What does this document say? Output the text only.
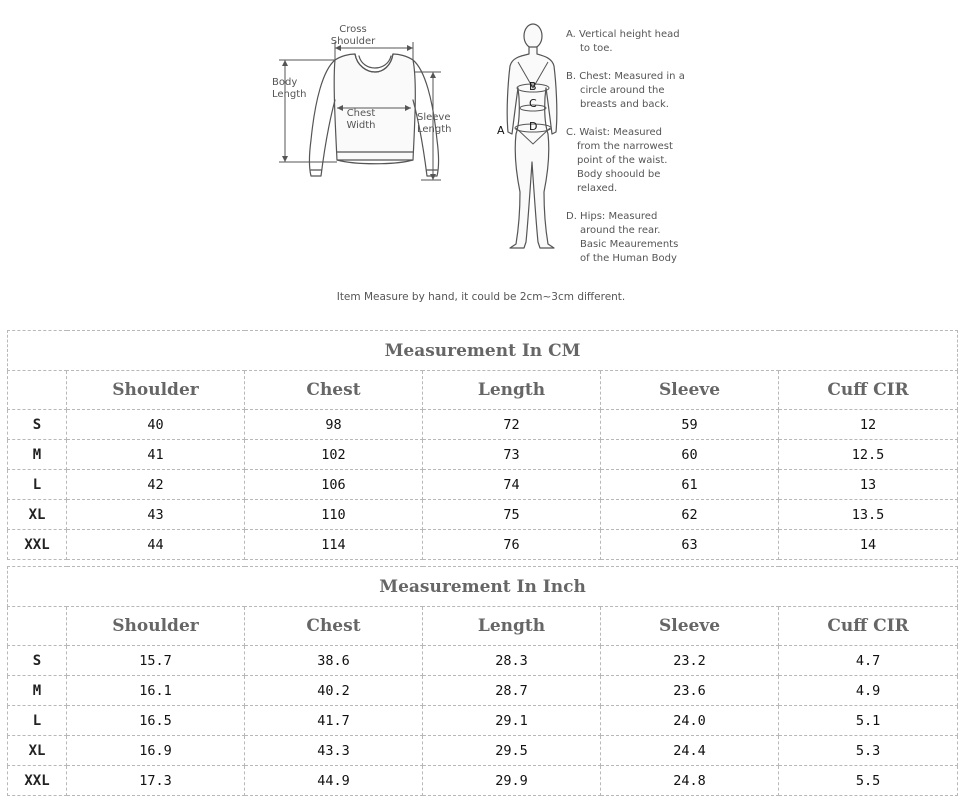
Cross
Shoulder
Body
Length
Chest
Width
Sleeve
Length	A
B
C
D
A. Vertical height head
to toe.
B. Chest: Measured in a
circle around the
breasts and back.
C. Waist: Measured
from the narrowest
point of the waist.
Body shoould be
relaxed.
D. Hips: Measured
around the rear.
Basic Meaurements
of the Human Body
Item Measure by hand, it could be 2cm~3cm different.
Measurement In CM					
	Shoulder	Chest	Length	Sleeve	Cuff CIR
S	40	98	72	59	12
M	41	102	73	60	12.5
L	42	106	74	61	13
XL	43	110	75	62	13.5
XXL	44	114	76	63	14
Measurement In Inch					
	Shoulder	Chest	Length	Sleeve	Cuff CIR
S	15.7	38.6	28.3	23.2	4.7
M	16.1	40.2	28.7	23.6	4.9
L	16.5	41.7	29.1	24.0	5.1
XL	16.9	43.3	29.5	24.4	5.3
XXL	17.3	44.9	29.9	24.8	5.5
